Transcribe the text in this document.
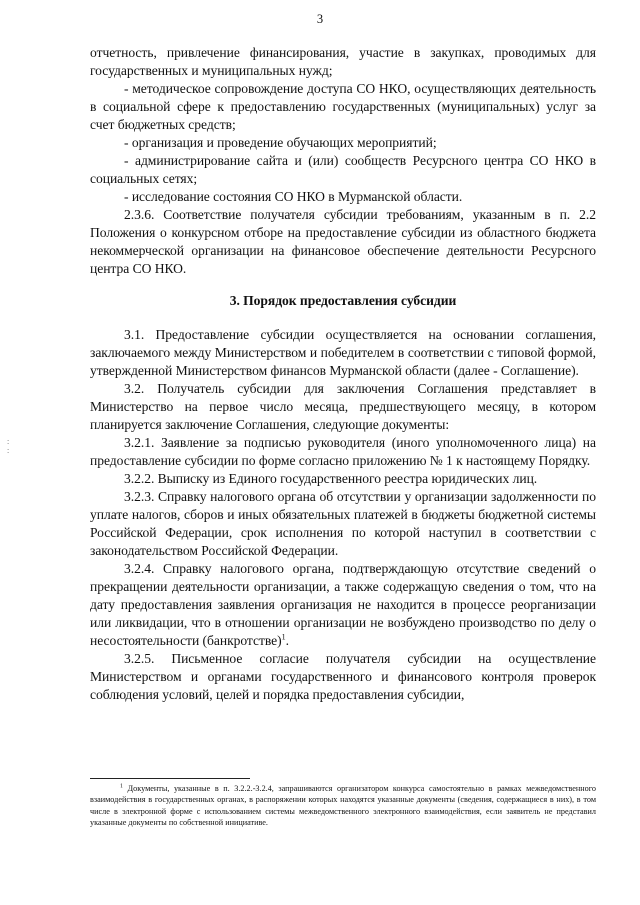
3
:
:

отчетность, привлечение финансирования, участие в закупках, проводимых для государственных и муниципальных нужд;

- методическое сопровождение доступа СО НКО, осуществляющих деятельность в социальной сфере к предоставлению государственных (муниципальных) услуг за счет бюджетных средств;

- организация и проведение обучающих мероприятий;

- администрирование сайта и (или) сообществ Ресурсного центра СО НКО в социальных сетях;

- исследование состояния СО НКО в Мурманской области.

2.3.6. Соответствие получателя субсидии требованиям, указанным в п. 2.2 Положения о конкурсном отборе на предоставление субсидии из областного бюджета некоммерческой организации на финансовое обеспечение деятельности Ресурсного центра СО НКО.

3. Порядок предоставления субсидии

3.1. Предоставление субсидии осуществляется на основании соглашения, заключаемого между Министерством и победителем в соответствии с типовой формой, утвержденной Министерством финансов Мурманской области (далее - Соглашение).

3.2. Получатель субсидии для заключения Соглашения представляет в Министерство на первое число месяца, предшествующего месяцу, в котором планируется заключение Соглашения, следующие документы:

3.2.1. Заявление за подписью руководителя (иного уполномоченного лица) на предоставление субсидии по форме согласно приложению № 1 к настоящему Порядку.

3.2.2. Выписку из Единого государственного реестра юридических лиц.

3.2.3. Справку налогового органа об отсутствии у организации задолженности по уплате налогов, сборов и иных обязательных платежей в бюджеты бюджетной системы Российской Федерации, срок исполнения по которой наступил в соответствии с законодательством Российской Федерации.

3.2.4. Справку налогового органа, подтверждающую отсутствие сведений о прекращении деятельности организации, а также содержащую сведения о том, что на дату предоставления заявления организация не находится в процессе реорганизации или ликвидации, что в отношении организации не возбуждено производство по делу о несостоятельности (банкротстве)$^1$.

3.2.5. Письменное согласие получателя субсидии на осуществление Министерством и органами государственного и финансового контроля проверок соблюдения условий, целей и порядка предоставления субсидии,

$^1$ Документы, указанные в п. 3.2.2.-3.2.4, запрашиваются организатором конкурса самостоятельно в рамках межведомственного взаимодействия в государственных органах, в распоряжении которых находятся указанные документы (сведения, содержащиеся в них), в том числе в электронной форме с использованием системы межведомственного электронного взаимодействия, если заявитель не представил указанные документы по собственной инициативе.
